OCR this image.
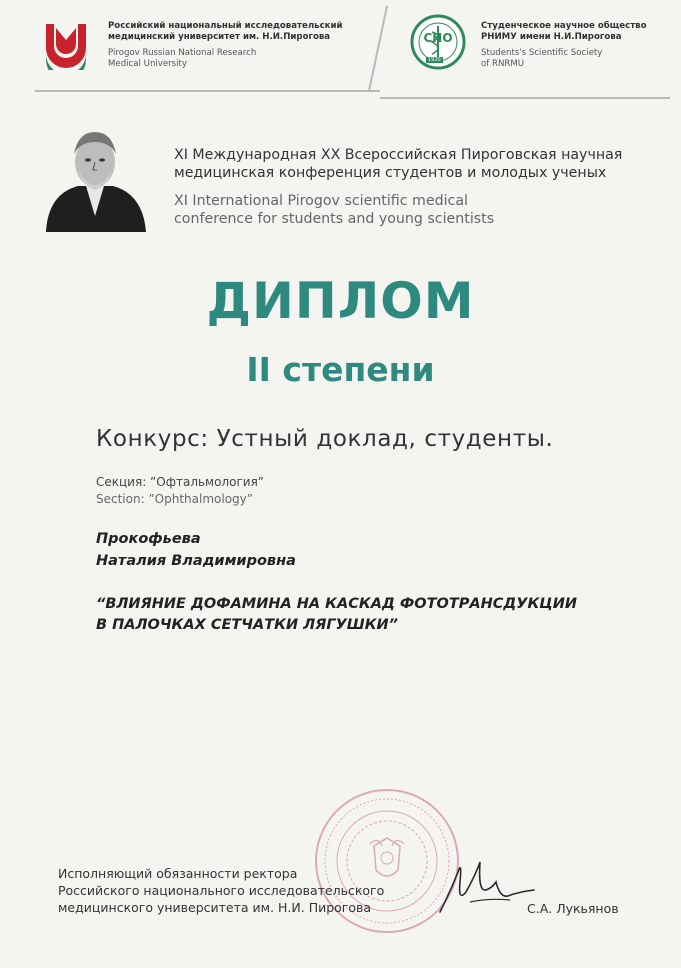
Российский национальный исследовательский
медицинский университет им. Н.И.Пирогова
Pirogov Russian National Research
Medical University
СНО
1920
Студенческое научное общество
РНИМУ имени Н.И.Пирогова
Students's Scientific Society
of RNRMU
XI Международная XX Всероссийская Пироговская научная
медицинская конференция студентов и молодых ученых
XI International Pirogov scientific medical
conference for students and young scientists
ДИПЛОМ
II степени
Конкурс: Устный доклад, студенты.
Секция: ”Офтальмология”
Section: ”Ophthalmology”
Прокофьева
Наталия Владимировна
“ВЛИЯНИЕ ДОФАМИНА НА КАСКАД ФОТОТРАНСДУКЦИИ
В ПАЛОЧКАХ СЕТЧАТКИ ЛЯГУШКИ”
Исполняющий обязанности ректора
Российского национального исследовательского
медицинского университета им. Н.И. Пирогова	С.А. Лукьянов
